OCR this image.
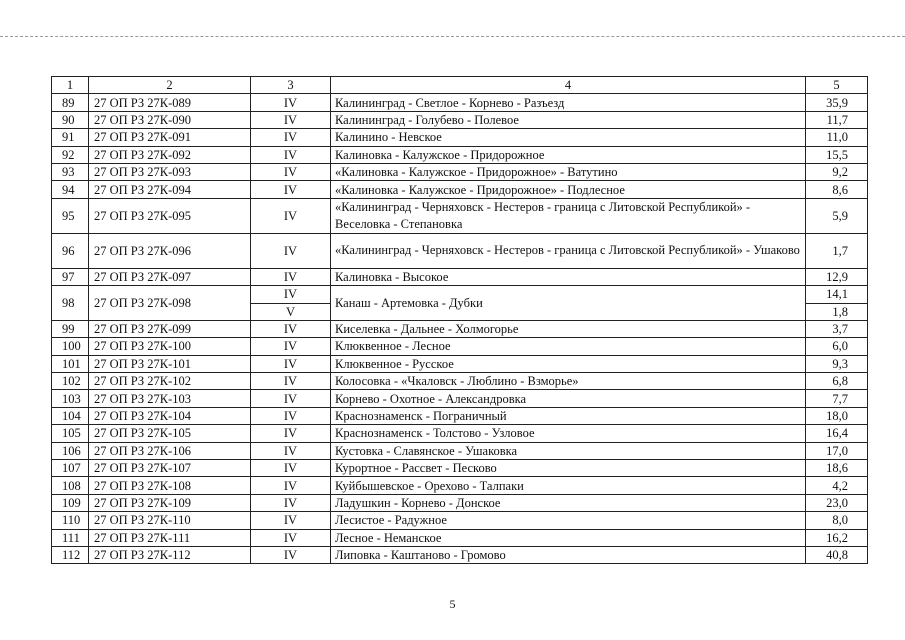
1	2	3	4	5
89	27 ОП РЗ 27К-089	IV	Калининград - Светлое - Корнево - Разъезд	35,9
90	27 ОП РЗ 27К-090	IV	Калининград - Голубево - Полевое	11,7
91	27 ОП РЗ 27К-091	IV	Калинино - Невское	11,0
92	27 ОП РЗ 27К-092	IV	Калиновка - Калужское - Придорожное	15,5
93	27 ОП РЗ 27К-093	IV	«Калиновка - Калужское - Придорожное» - Ватутино	9,2
94	27 ОП РЗ 27К-094	IV	«Калиновка - Калужское - Придорожное» - Подлесное	8,6
95	27 ОП РЗ 27К-095	IV	«Калининград - Черняховск - Нестеров - граница с Литовской Республикой» - Веселовка - Степановка	5,9
96	27 ОП РЗ 27К-096	IV	«Калининград - Черняховск - Нестеров - граница с Литовской Республикой» - Ушаково	1,7
97	27 ОП РЗ 27К-097	IV	Калиновка - Высокое	12,9
98	27 ОП РЗ 27К-098	IV	Канаш - Артемовка - Дубки	14,1
		V		1,8
99	27 ОП РЗ 27К-099	IV	Киселевка - Дальнее - Холмогорье	3,7
100	27 ОП РЗ 27К-100	IV	Клюквенное - Лесное	6,0
101	27 ОП РЗ 27К-101	IV	Клюквенное - Русское	9,3
102	27 ОП РЗ 27К-102	IV	Колосовка - «Чкаловск - Люблино - Взморье»	6,8
103	27 ОП РЗ 27К-103	IV	Корнево - Охотное - Александровка	7,7
104	27 ОП РЗ 27К-104	IV	Краснознаменск - Пограничный	18,0
105	27 ОП РЗ 27К-105	IV	Краснознаменск - Толстово - Узловое	16,4
106	27 ОП РЗ 27К-106	IV	Кустовка - Славянское - Ушаковка	17,0
107	27 ОП РЗ 27К-107	IV	Курортное - Рассвет - Песково	18,6
108	27 ОП РЗ 27К-108	IV	Куйбышевское - Орехово - Талпаки	4,2
109	27 ОП РЗ 27К-109	IV	Ладушкин - Корнево - Донское	23,0
110	27 ОП РЗ 27К-110	IV	Лесистое - Радужное	8,0
111	27 ОП РЗ 27К-111	IV	Лесное - Неманское	16,2
112	27 ОП РЗ 27К-112	IV	Липовка - Каштаново - Громово	40,8
5
